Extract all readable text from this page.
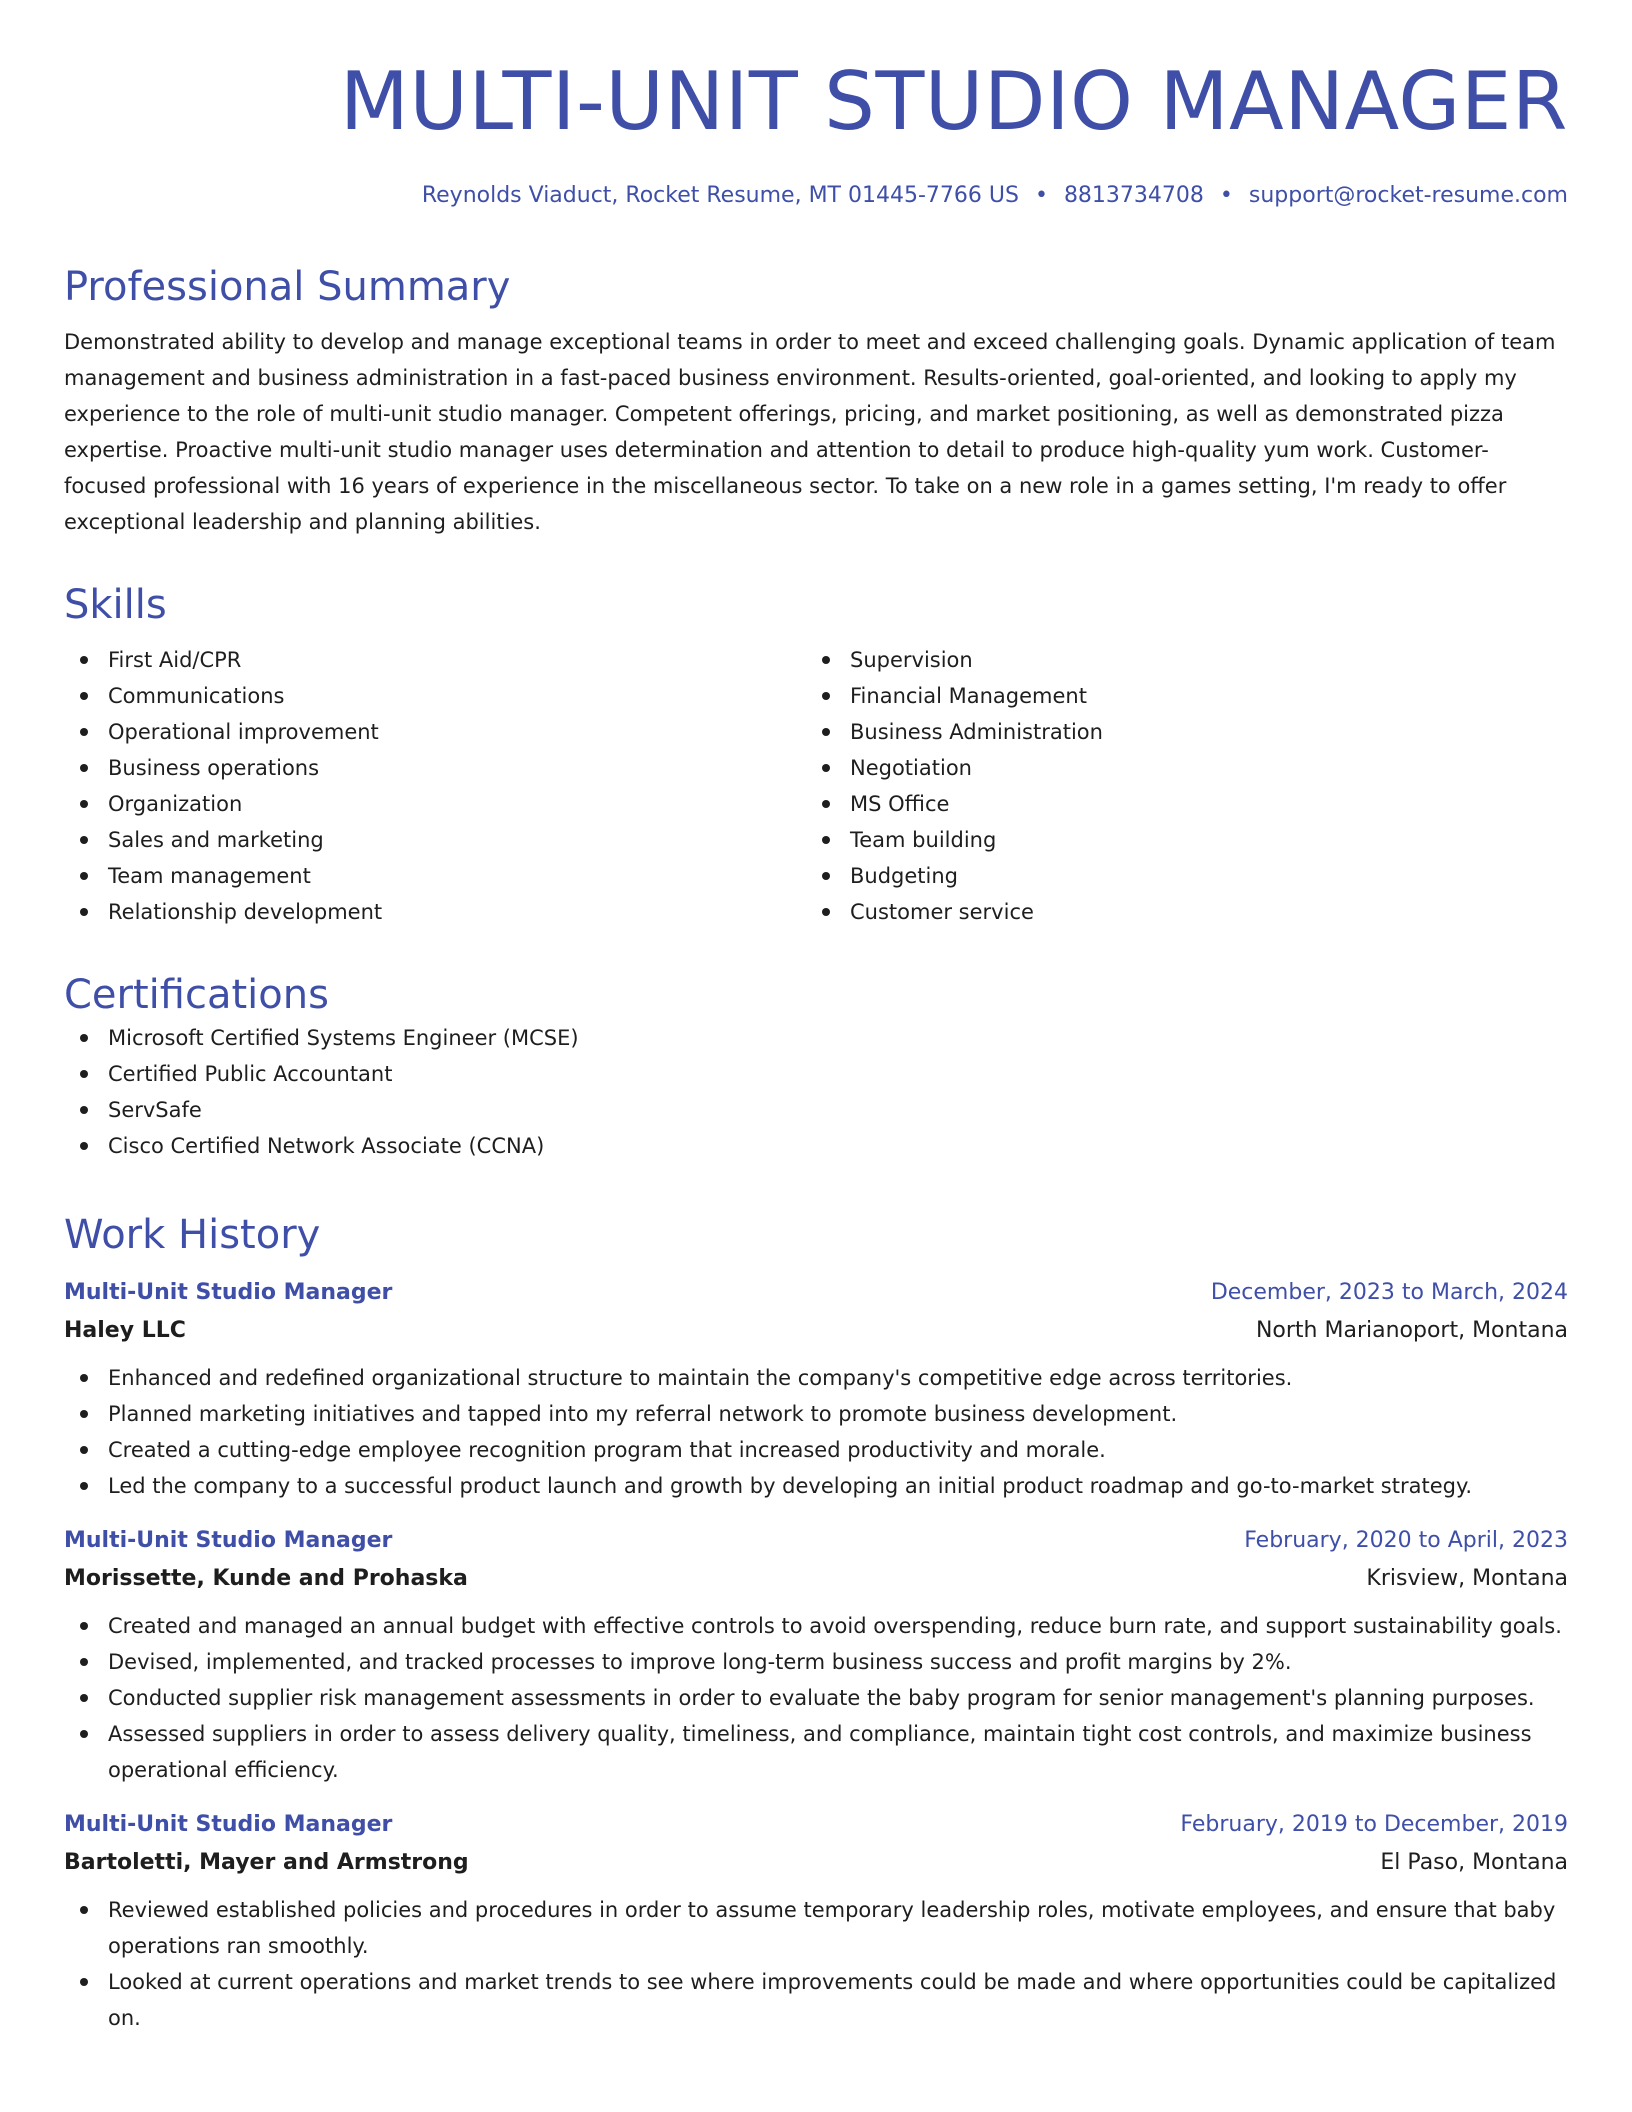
MULTI-UNIT STUDIO MANAGER
Reynolds Viaduct, Rocket Resume, MT 01445-7766 US • 8813734708 • support@rocket-resume.com
Professional Summary

Demonstrated ability to develop and manage exceptional teams in order to meet and exceed challenging goals. Dynamic application of team management and business administration in a fast-paced business environment. Results-oriented, goal-oriented, and looking to apply my experience to the role of multi-unit studio manager. Competent offerings, pricing, and market positioning, as well as demonstrated pizza expertise. Proactive multi-unit studio manager uses determination and attention to detail to produce high-quality yum work. Customer-focused professional with 16 years of experience in the miscellaneous sector. To take on a new role in a games setting, I'm ready to offer exceptional leadership and planning abilities.

Skills
First Aid/CPR
Communications
Operational improvement
Business operations
Organization
Sales and marketing
Team management
Relationship development
Supervision
Financial Management
Business Administration
Negotiation
MS Office
Team building
Budgeting
Customer service
Certifications
Microsoft Certified Systems Engineer (MCSE)
Certified Public Accountant
ServSafe
Cisco Certified Network Associate (CCNA)
Work History
Multi-Unit Studio Manager	December, 2023 to March, 2024
Haley LLC	North Marianoport, Montana
Enhanced and redefined organizational structure to maintain the company's competitive edge across territories.
Planned marketing initiatives and tapped into my referral network to promote business development.
Created a cutting-edge employee recognition program that increased productivity and morale.
Led the company to a successful product launch and growth by developing an initial product roadmap and go-to-market strategy.
Multi-Unit Studio Manager	February, 2020 to April, 2023
Morissette, Kunde and Prohaska	Krisview, Montana
Created and managed an annual budget with effective controls to avoid overspending, reduce burn rate, and support sustainability goals.
Devised, implemented, and tracked processes to improve long-term business success and profit margins by 2%.
Conducted supplier risk management assessments in order to evaluate the baby program for senior management's planning purposes.
Assessed suppliers in order to assess delivery quality, timeliness, and compliance, maintain tight cost controls, and maximize business operational efficiency.
Multi-Unit Studio Manager	February, 2019 to December, 2019
Bartoletti, Mayer and Armstrong	El Paso, Montana
Reviewed established policies and procedures in order to assume temporary leadership roles, motivate employees, and ensure that baby operations ran smoothly.
Looked at current operations and market trends to see where improvements could be made and where opportunities could be capitalized on.
